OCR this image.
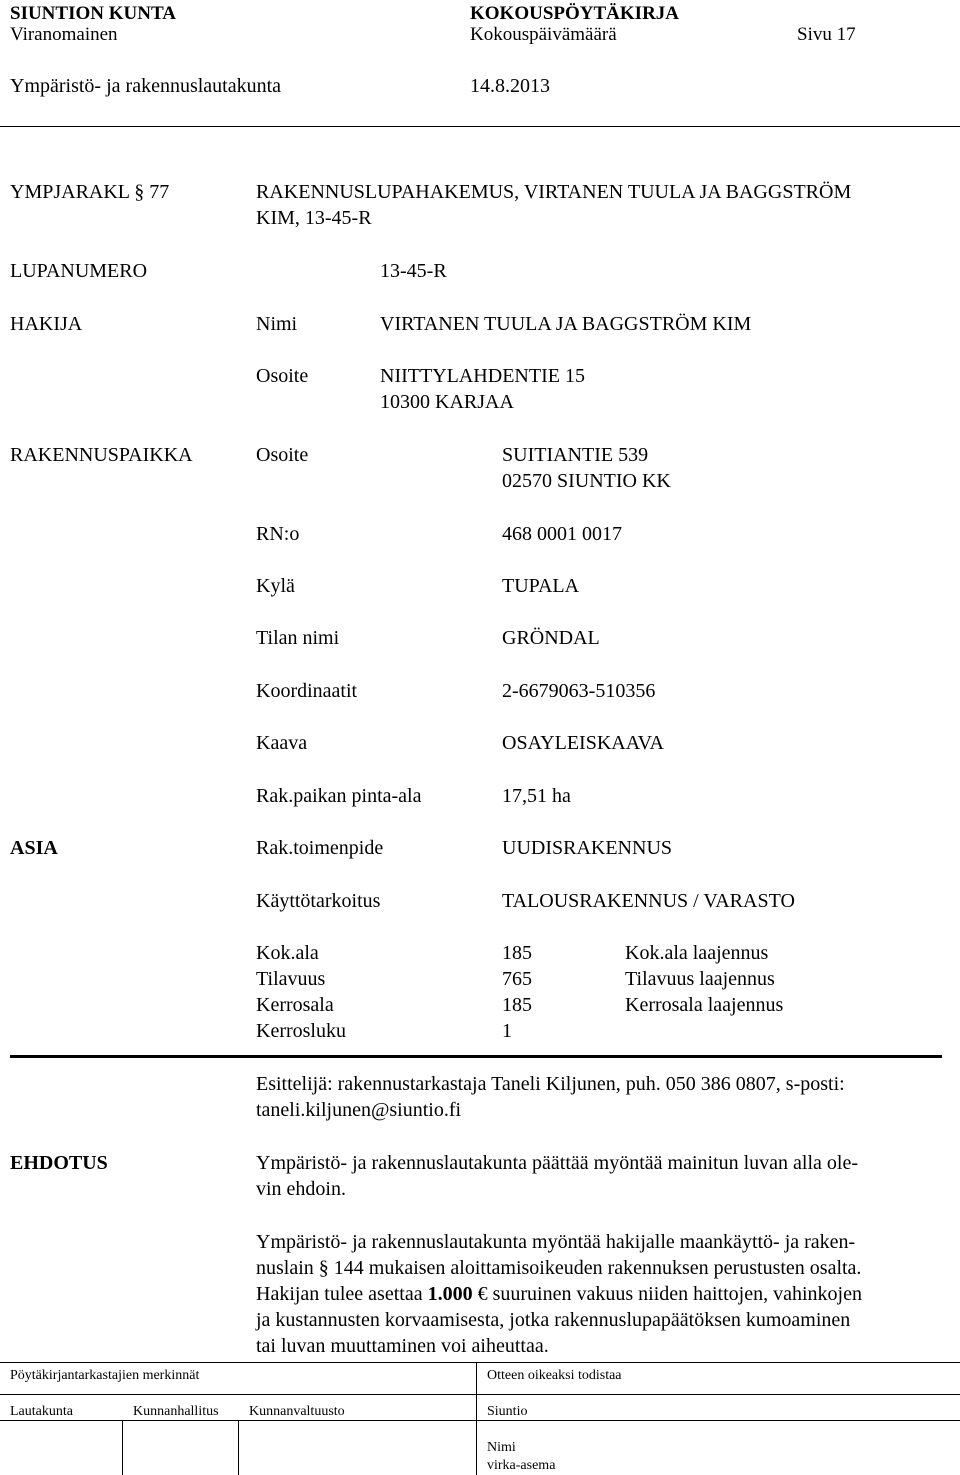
SIUNTION KUNTA	KOKOUSPÖYTÄKIRJA
Viranomainen	Kokouspäivämäärä	Sivu 17
Ympäristö- ja rakennuslautakunta	14.8.2013
YMPJARAKL § 77	RAKENNUSLUPAHAKEMUS, VIRTANEN TUULA JA BAGGSTRÖM
KIM, 13-45-R
LUPANUMERO	13-45-R
HAKIJA	Nimi	VIRTANEN TUULA JA BAGGSTRÖM KIM
Osoite	NIITTYLAHDENTIE 15
10300 KARJAA
RAKENNUSPAIKKA	Osoite	SUITIANTIE 539
02570 SIUNTIO KK
RN:o	468 0001 0017
Kylä	TUPALA
Tilan nimi	GRÖNDAL
Koordinaatit	2-6679063-510356
Kaava	OSAYLEISKAAVA
Rak.paikan pinta-ala	17,51 ha
ASIA	Rak.toimenpide	UUDISRAKENNUS
Käyttötarkoitus	TALOUSRAKENNUS / VARASTO
Kok.ala	185	Kok.ala laajennus
Tilavuus	765	Tilavuus laajennus
Kerrosala	185	Kerrosala laajennus
Kerrosluku	1
Esittelijä: rakennustarkastaja Taneli Kiljunen, puh. 050 386 0807, s-posti:
taneli.kiljunen@siuntio.fi
EHDOTUS	Ympäristö- ja rakennuslautakunta päättää myöntää mainitun luvan alla ole-
vin ehdoin.
Ympäristö- ja rakennuslautakunta myöntää hakijalle maankäyttö- ja raken-
nuslain § 144 mukaisen aloittamisoikeuden rakennuksen perustusten osalta.
Hakijan tulee asettaa 1.000 € suuruinen vakuus niiden haittojen, vahinkojen
ja kustannusten korvaamisesta, jotka rakennuslupapäätöksen kumoaminen
tai luvan muuttaminen voi aiheuttaa.
Pöytäkirjantarkastajien merkinnät	Otteen oikeaksi todistaa
Lautakunta	Kunnanhallitus Kunnanvaltuusto	Siuntio
Nimi
virka-asema
